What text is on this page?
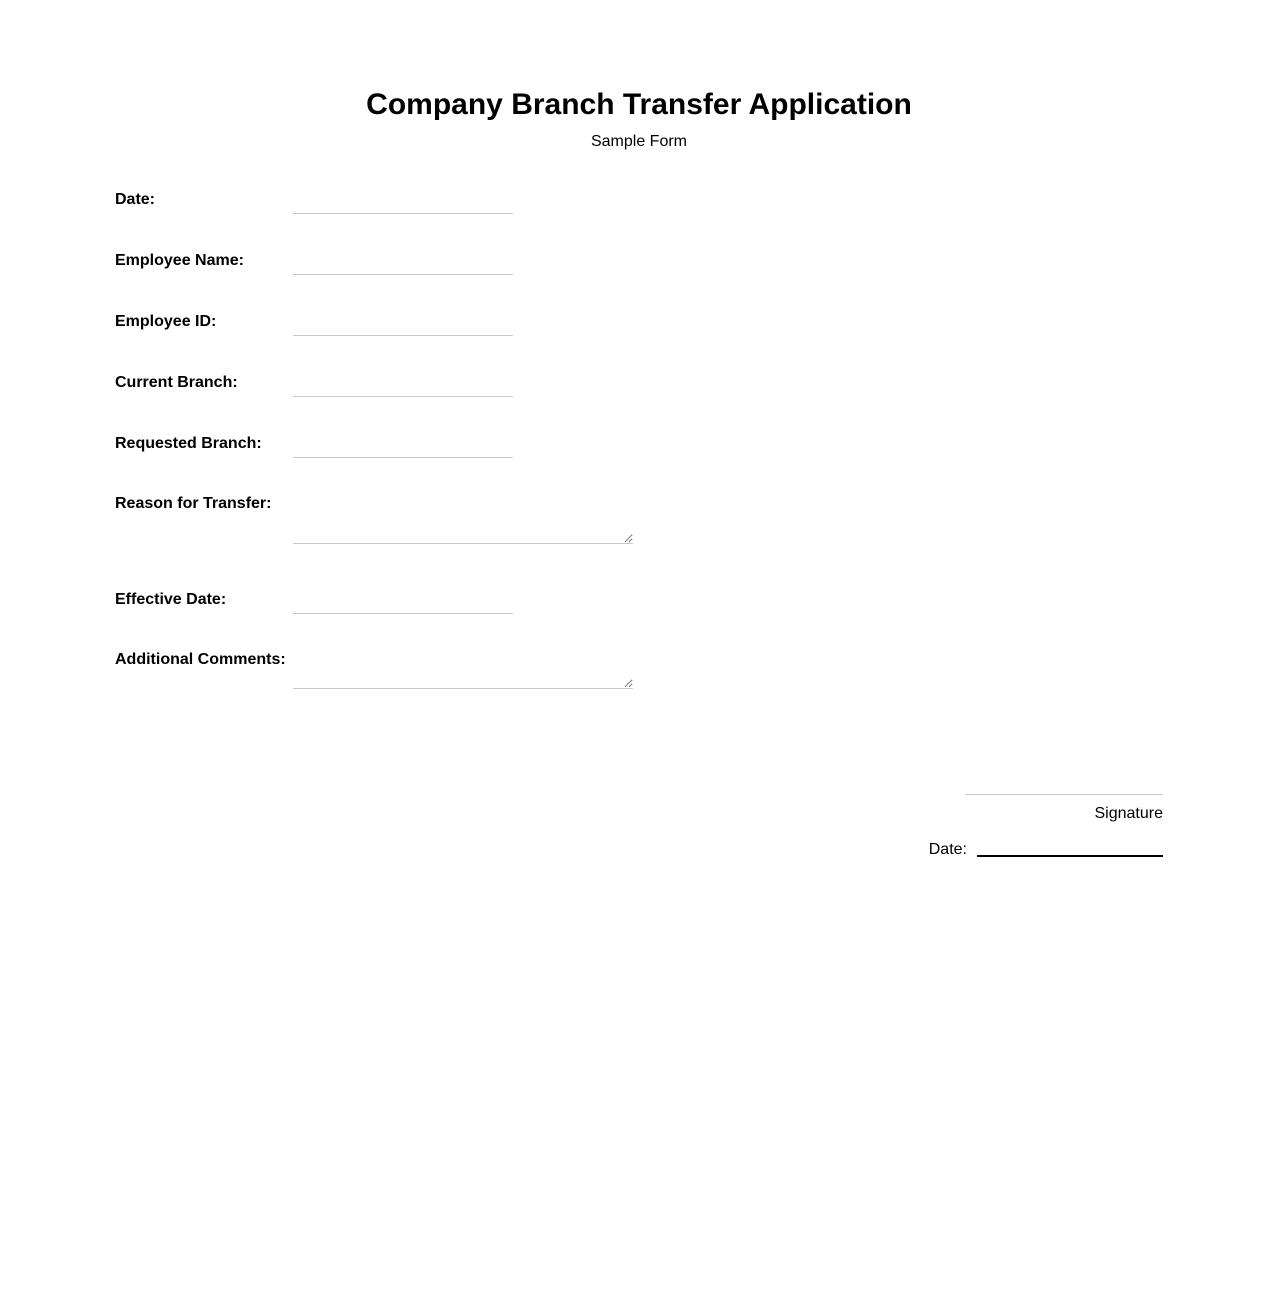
Company Branch Transfer Application
Sample Form
Date:
Employee Name:
Employee ID:
Current Branch:
Requested Branch:
Reason for Transfer:
Effective Date:
Additional Comments:
Signature
Date:
